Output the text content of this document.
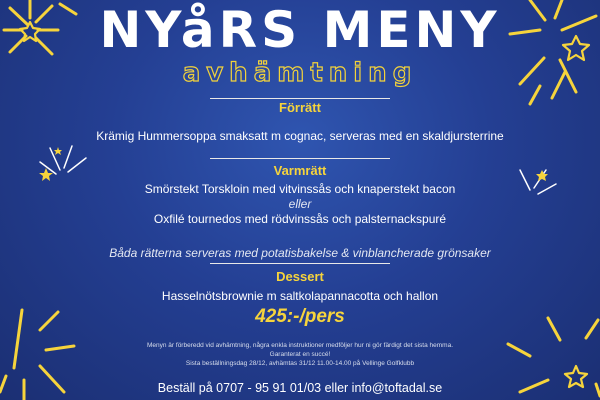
NYåRS MENY
avhämtning
Förrätt
Krämig Hummersoppa smaksatt m cognac, serveras med en skaldjursterrine
Varmrätt
Smörstekt Torskloin med vitvinssås och knaperstekt bacon
eller
Oxfilé tournedos med rödvinssås och palsternackspuré
Båda rätterna serveras med potatisbakelse & vinblancherade grönsaker
Dessert
Hasselnötsbrownie m saltkolapannacotta och hallon
425:-/pers
Menyn är förberedd vid avhämtning, några enkla instruktioner medföljer hur ni gör färdigt det sista hemma.
Garanterat en succé!
Sista beställningsdag 28/12, avhämtas 31/12 11.00-14.00 på Vellinge Golfklubb
Beställ på 0707 - 95 91 01/03 eller info@toftadal.se
